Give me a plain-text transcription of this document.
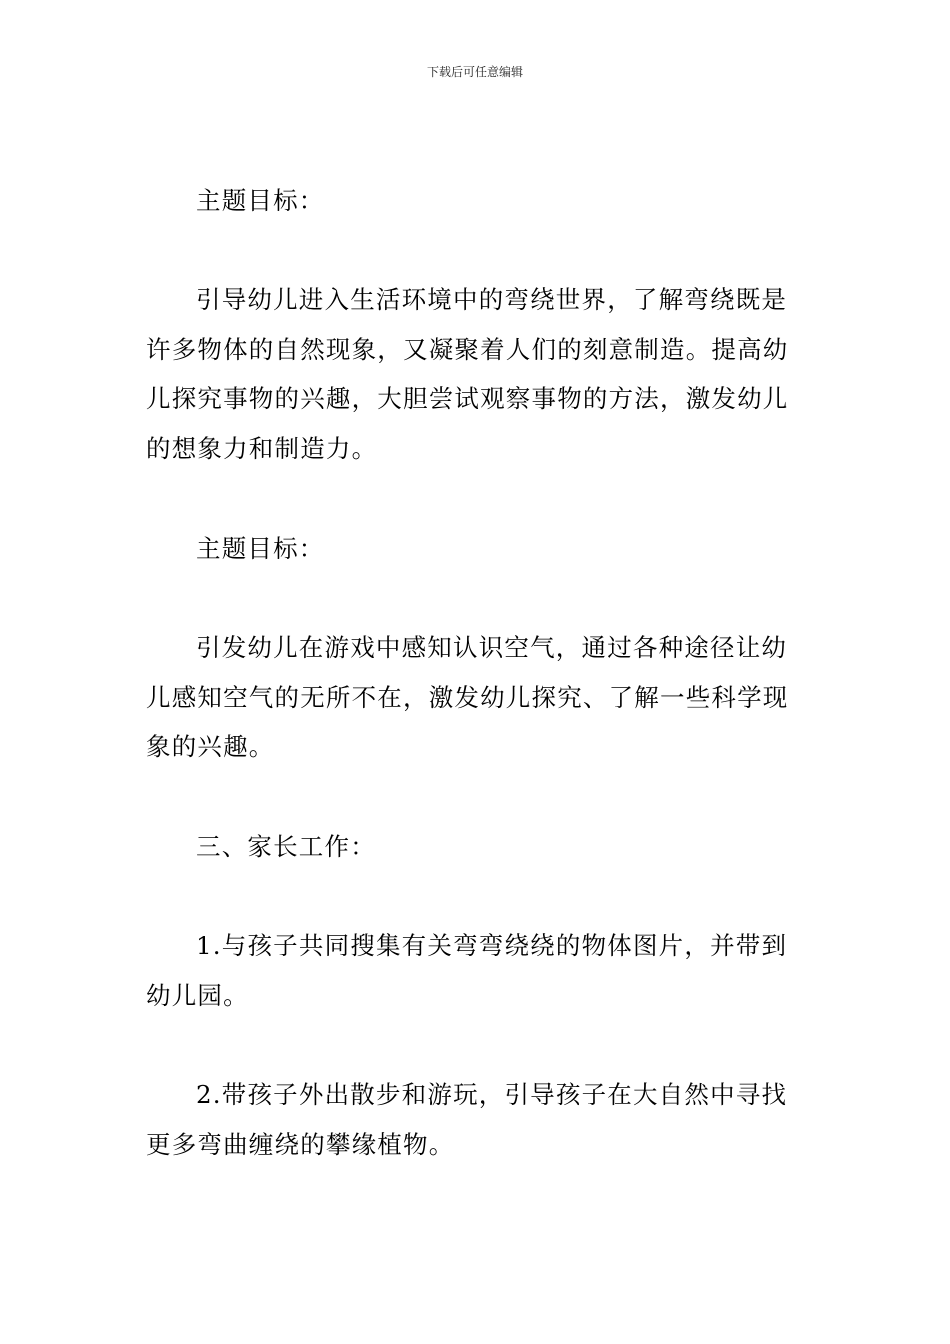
下载后可任意编辑

主题目标：

引导幼儿进入生活环境中的弯绕世界，了解弯绕既是许多物体的自然现象，又凝聚着人们的刻意制造。提高幼儿探究事物的兴趣，大胆尝试观察事物的方法，激发幼儿的想象力和制造力。

主题目标：

引发幼儿在游戏中感知认识空气，通过各种途径让幼儿感知空气的无所不在，激发幼儿探究、了解一些科学现象的兴趣。

三、家长工作：

1.与孩子共同搜集有关弯弯绕绕的物体图片，并带到幼儿园。

2.带孩子外出散步和游玩，引导孩子在大自然中寻找更多弯曲缠绕的攀缘植物。
